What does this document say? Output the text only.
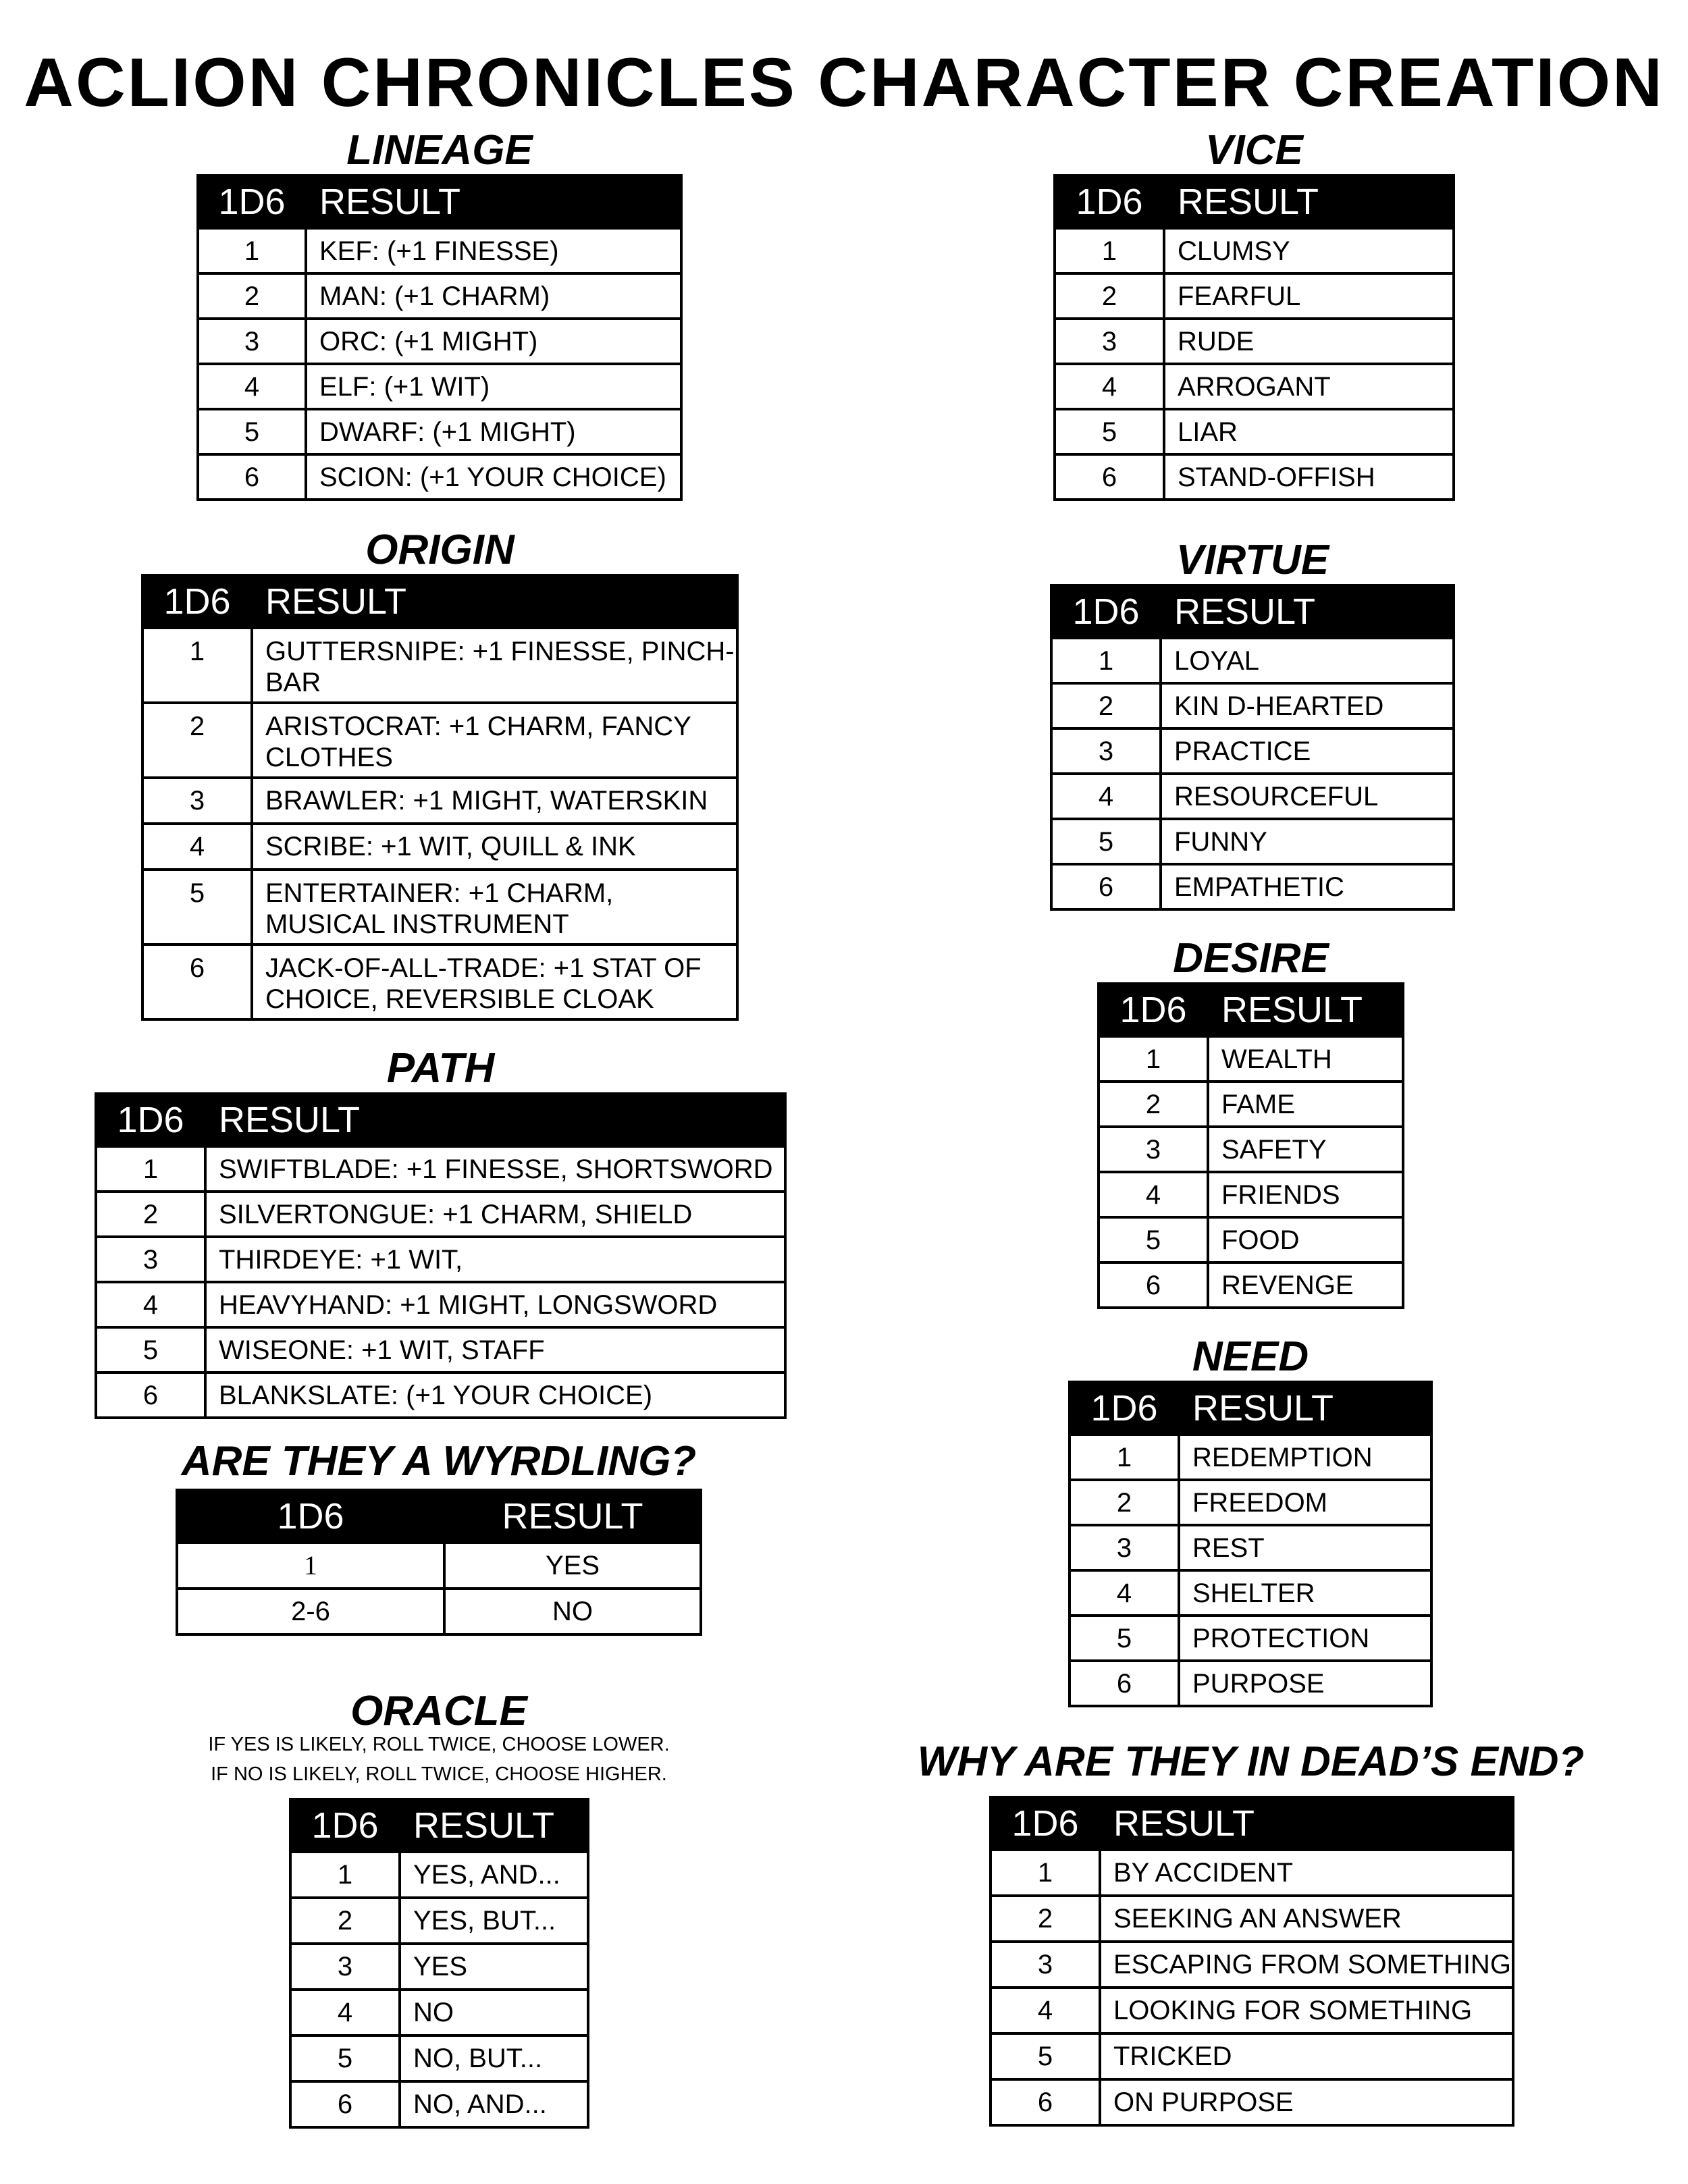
ACLION CHRONICLES CHARACTER CREATION
LINEAGE
1D6	RESULT
1	KEF: (+1 FINESSE)
2	MAN: (+1 CHARM)
3	ORC: (+1 MIGHT)
4	ELF: (+1 WIT)
5	DWARF: (+1 MIGHT)
6	SCION: (+1 YOUR CHOICE)
ORIGIN
1D6	RESULT
1	GUTTERSNIPE: +1 FINESSE, PINCH-BAR
2	ARISTOCRAT: +1 CHARM, FANCY CLOTHES
3	BRAWLER: +1 MIGHT, WATERSKIN
4	SCRIBE: +1 WIT, QUILL & INK
5	ENTERTAINER: +1 CHARM, MUSICAL INSTRUMENT
6	JACK-OF-ALL-TRADE: +1 STAT OF CHOICE, REVERSIBLE CLOAK
PATH
1D6	RESULT
1	SWIFTBLADE: +1 FINESSE, SHORTSWORD
2	SILVERTONGUE: +1 CHARM, SHIELD
3	THIRDEYE: +1 WIT,
4	HEAVYHAND: +1 MIGHT, LONGSWORD
5	WISEONE: +1 WIT, STAFF
6	BLANKSLATE: (+1 YOUR CHOICE)
ARE THEY A WYRDLING?
1D6	RESULT
1	YES
2-6	NO
ORACLE
IF YES IS LIKELY, ROLL TWICE, CHOOSE LOWER.
IF NO IS LIKELY, ROLL TWICE, CHOOSE HIGHER.
1D6	RESULT
1	YES, AND...
2	YES, BUT...
3	YES
4	NO
5	NO, BUT...
6	NO, AND...
VICE
1D6	RESULT
1	CLUMSY
2	FEARFUL
3	RUDE
4	ARROGANT
5	LIAR
6	STAND-OFFISH
VIRTUE
1D6	RESULT
1	LOYAL
2	KIN D-HEARTED
3	PRACTICE
4	RESOURCEFUL
5	FUNNY
6	EMPATHETIC
DESIRE
1D6	RESULT
1	WEALTH
2	FAME
3	SAFETY
4	FRIENDS
5	FOOD
6	REVENGE
NEED
1D6	RESULT
1	REDEMPTION
2	FREEDOM
3	REST
4	SHELTER
5	PROTECTION
6	PURPOSE
WHY ARE THEY IN DEAD’S END?
1D6	RESULT
1	BY ACCIDENT
2	SEEKING AN ANSWER
3	ESCAPING FROM SOMETHING
4	LOOKING FOR SOMETHING
5	TRICKED
6	ON PURPOSE
